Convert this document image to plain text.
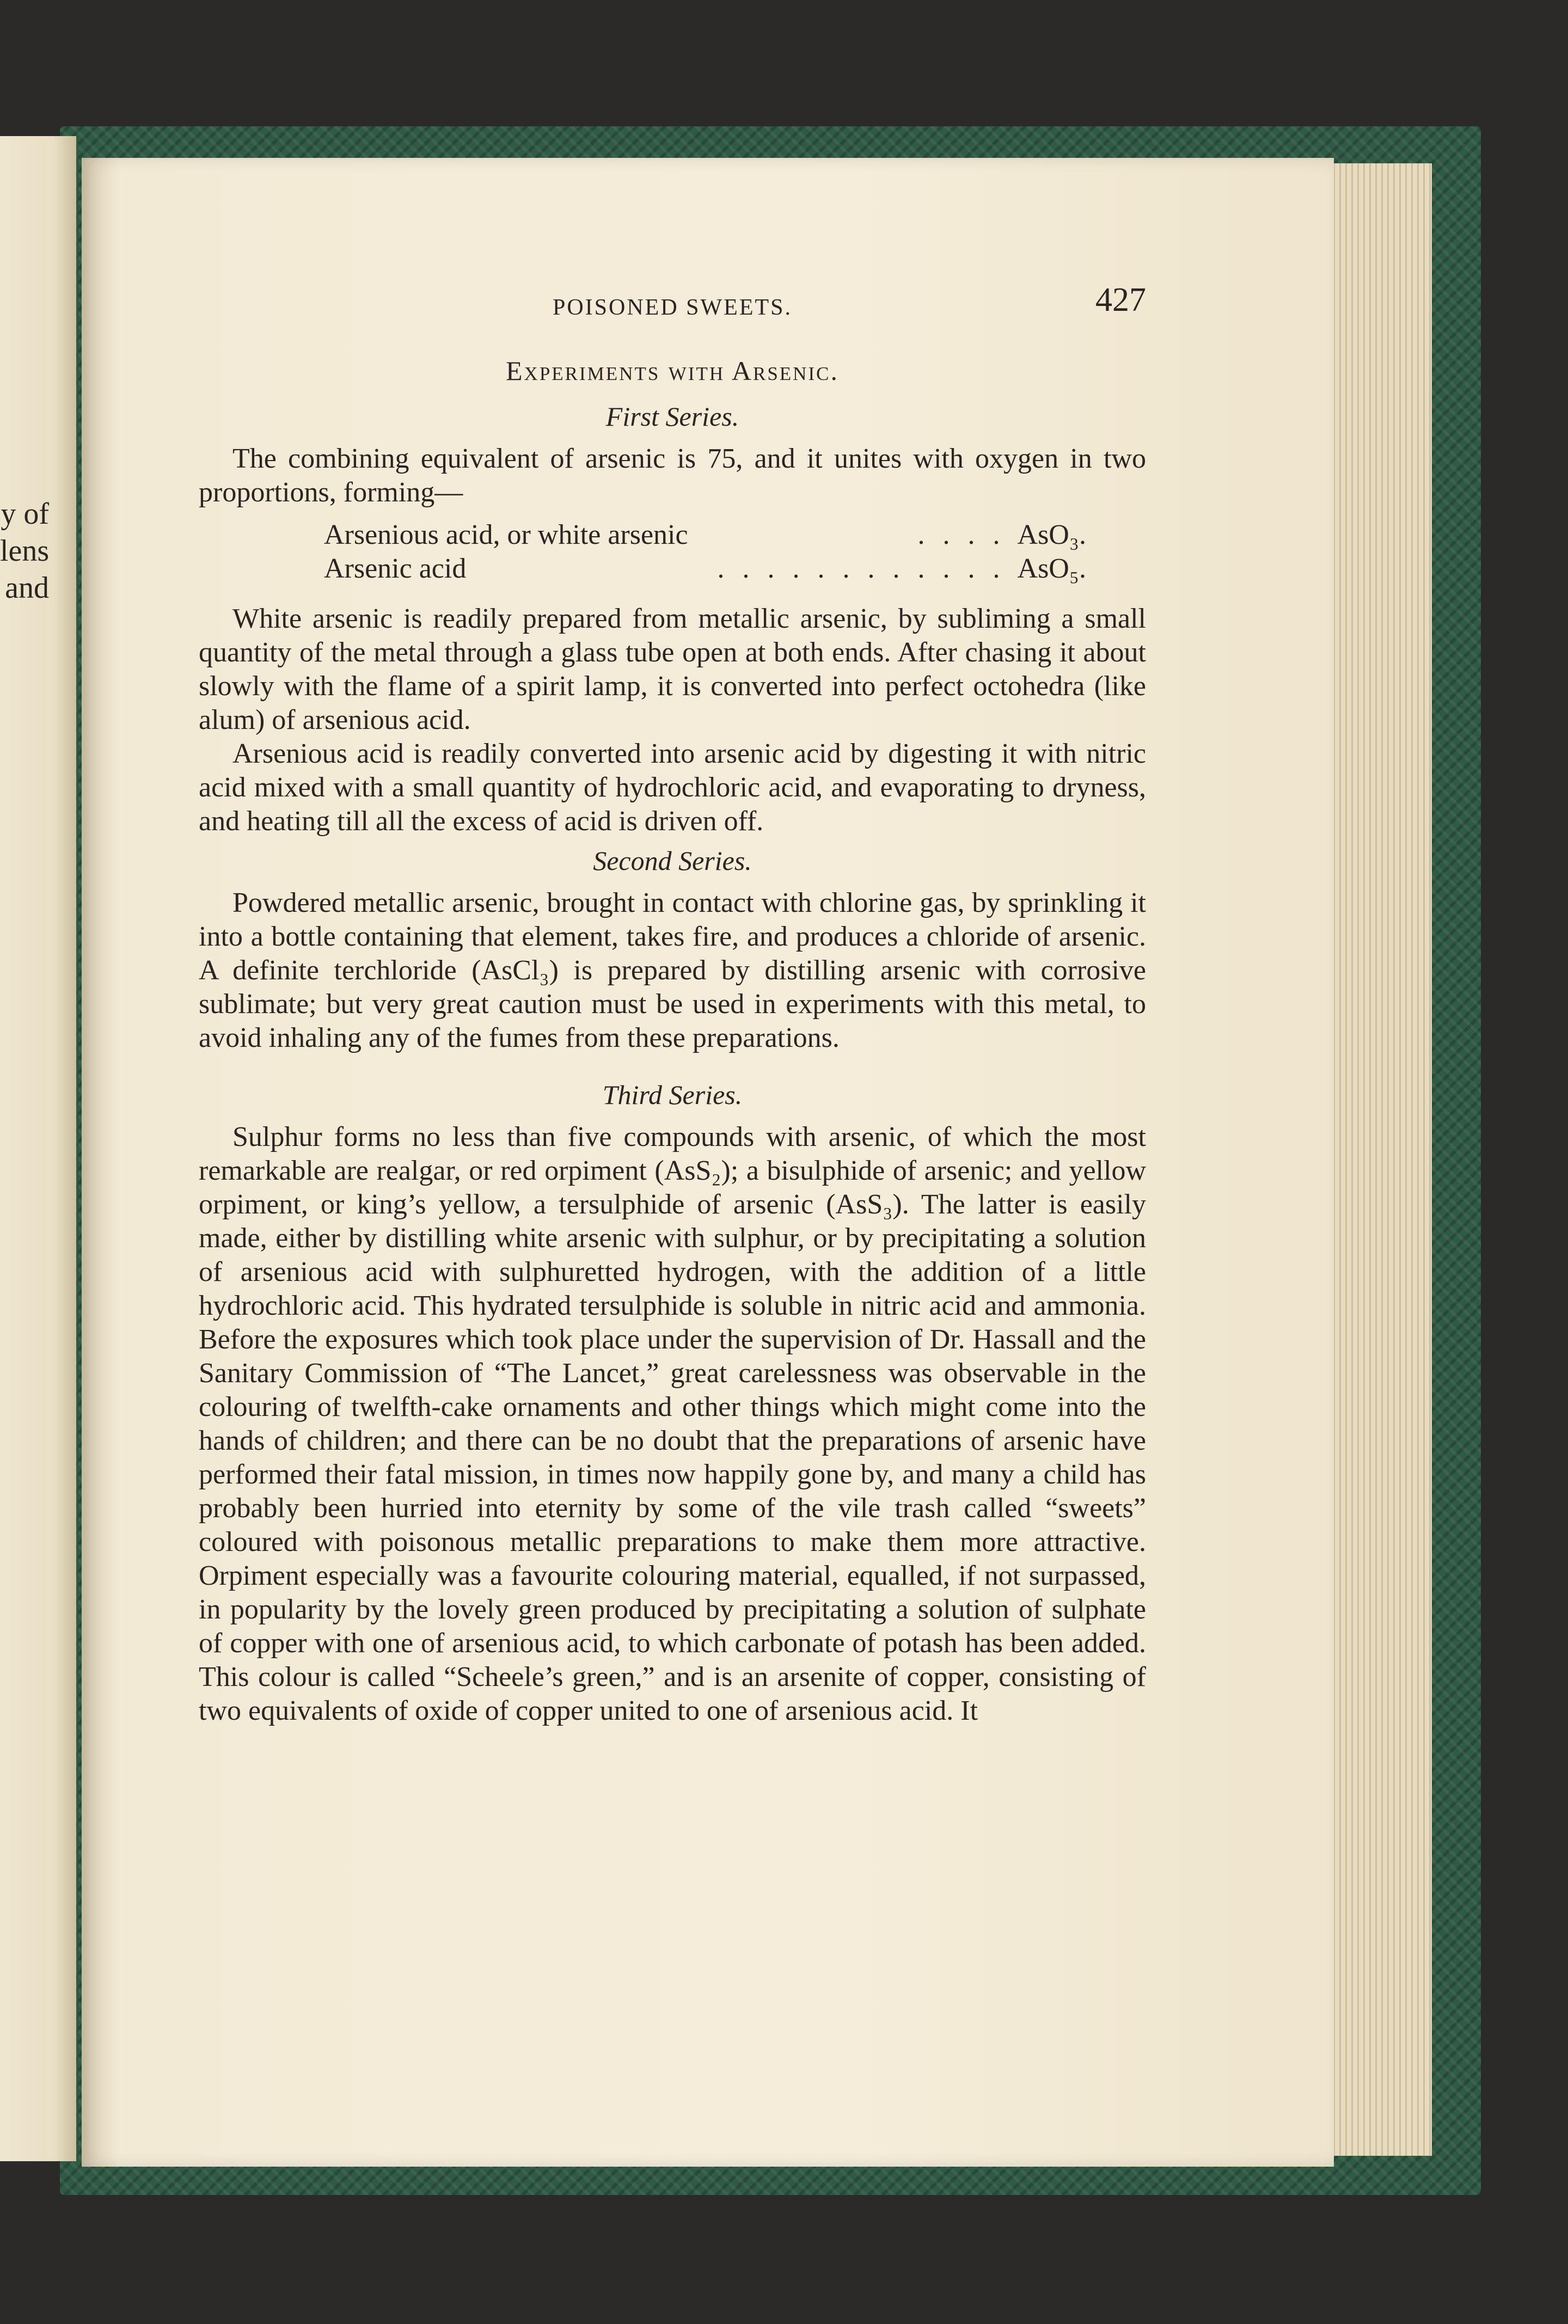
y of
lens
and
POISONED SWEETS.	427
Experiments with Arsenic.
First Series.

The combining equivalent of arsenic is 75, and it unites with oxygen in two proportions, forming—

Arsenious acid, or white arsenic	. . . . AsO₃.
Arsenic acid	. . . . . . . . . . . . AsO₅.

White arsenic is readily prepared from metallic arsenic, by subliming a small quantity of the metal through a glass tube open at both ends. After chasing it about slowly with the flame of a spirit lamp, it is converted into perfect octohedra (like alum) of arsenious acid.

Arsenious acid is readily converted into arsenic acid by digesting it with nitric acid mixed with a small quantity of hydrochloric acid, and evaporating to dryness, and heating till all the excess of acid is driven off.

Second Series.

Powdered metallic arsenic, brought in contact with chlorine gas, by sprinkling it into a bottle containing that element, takes fire, and produces a chloride of arsenic. A definite terchloride (AsCl₃) is prepared by distilling arsenic with corrosive sublimate; but very great caution must be used in experiments with this metal, to avoid inhaling any of the fumes from these preparations.

Third Series.

Sulphur forms no less than five compounds with arsenic, of which the most remarkable are realgar, or red orpiment (AsS₂); a bisulphide of arsenic; and yellow orpiment, or king’s yellow, a tersulphide of arsenic (AsS₃). The latter is easily made, either by distilling white arsenic with sulphur, or by precipitating a solution of arsenious acid with sulphuretted hydrogen, with the addition of a little hydrochloric acid. This hydrated tersulphide is soluble in nitric acid and ammonia. Before the exposures which took place under the supervision of Dr. Hassall and the Sanitary Commission of “The Lancet,” great carelessness was observable in the colouring of twelfth-cake ornaments and other things which might come into the hands of children; and there can be no doubt that the preparations of arsenic have performed their fatal mission, in times now happily gone by, and many a child has probably been hurried into eternity by some of the vile trash called “sweets” coloured with poisonous metallic preparations to make them more attractive. Orpiment especially was a favourite colouring material, equalled, if not surpassed, in popularity by the lovely green produced by precipitating a solution of sulphate of copper with one of arsenious acid, to which carbonate of potash has been added. This colour is called “Scheele’s green,” and is an arsenite of copper, consisting of two equivalents of oxide of copper united to one of arsenious acid. It
